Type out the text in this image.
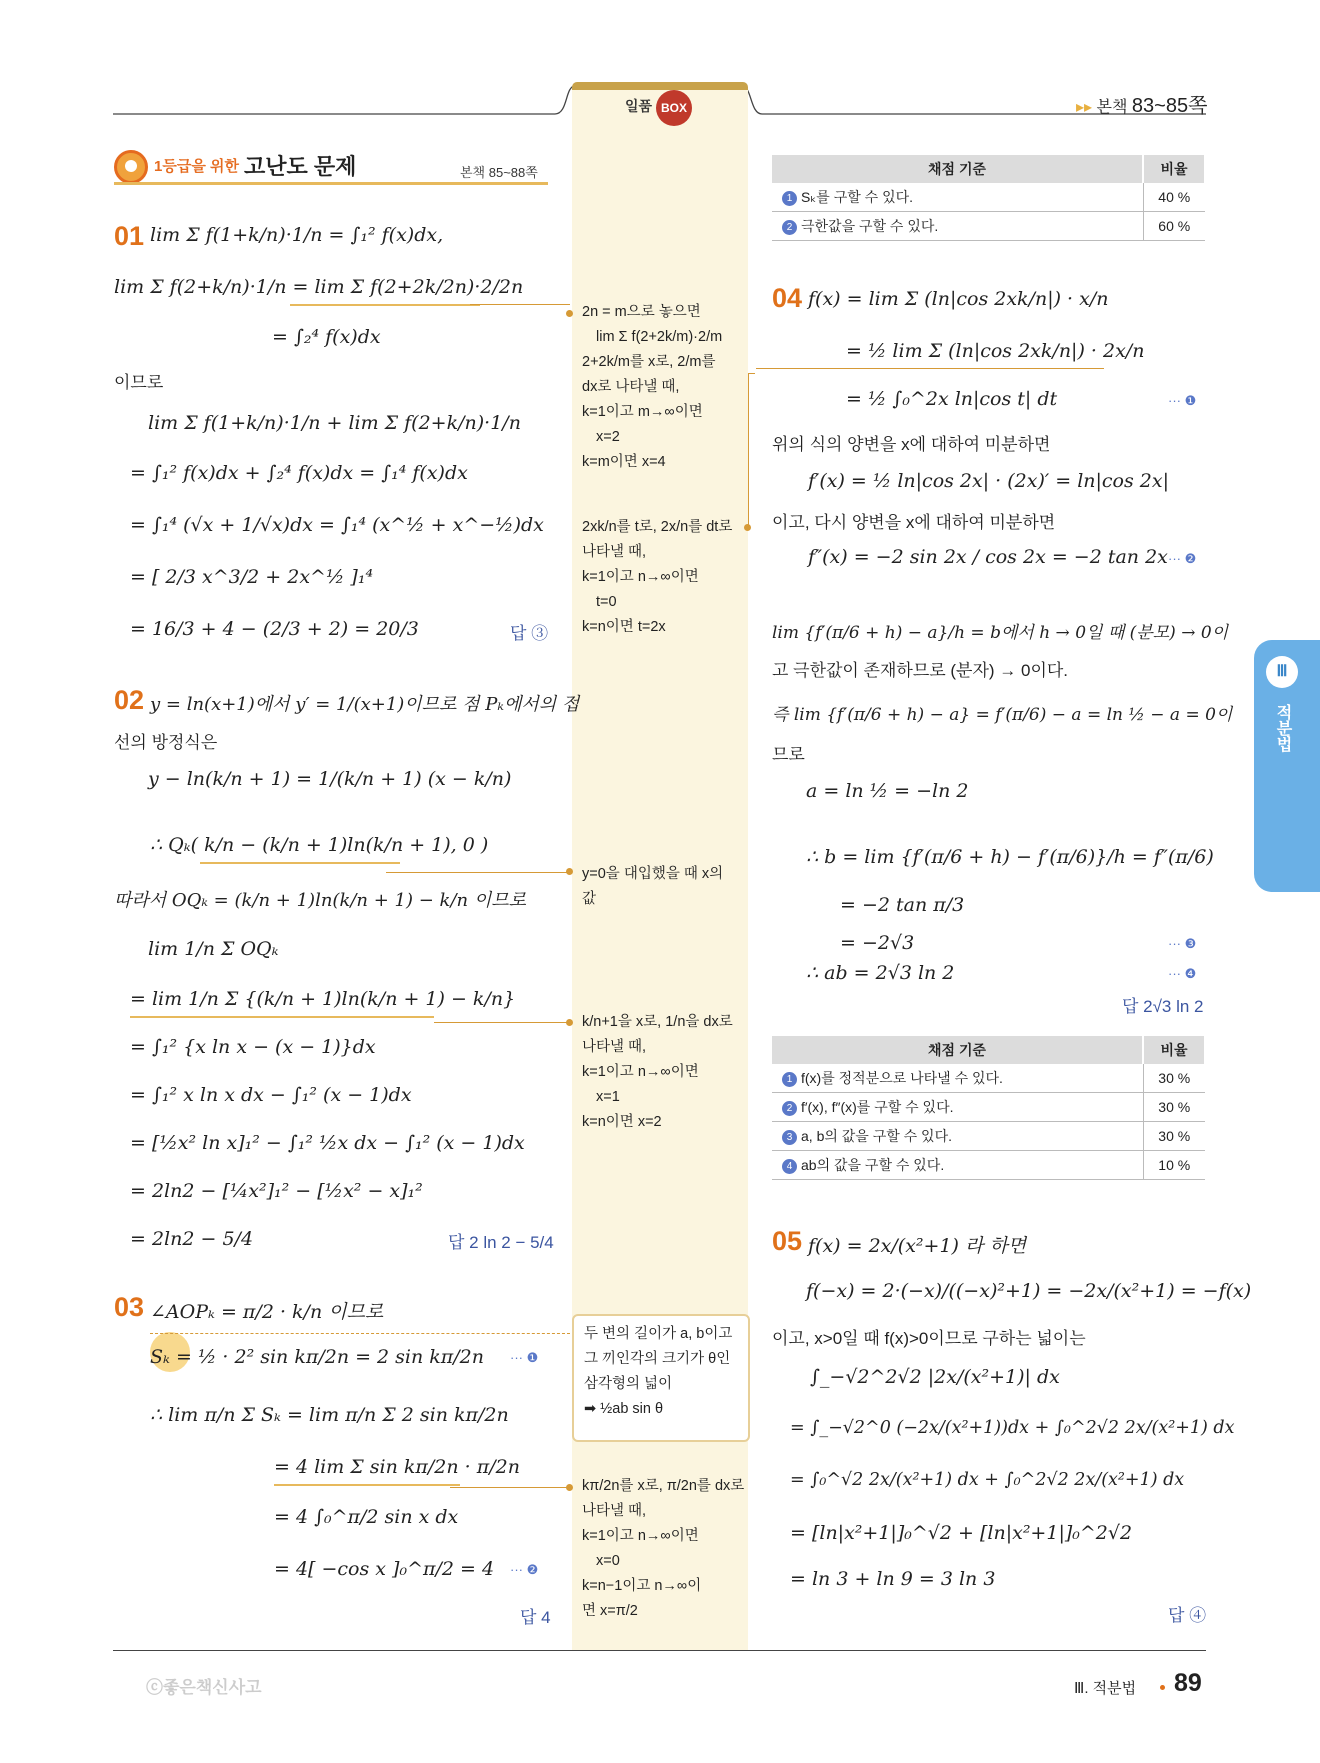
일품 BOX	▸▸ 본책 83~85쪽
1등급을 위한 고난도 문제	본책 85~88쪽
01 lim Σ f(1+k/n)·1/n = ∫₁² f(x)dx,
lim Σ f(2+k/n)·1/n = lim Σ f(2+2k/2n)·2/2n
= ∫₂⁴ f(x)dx
이므로
lim Σ f(1+k/n)·1/n + lim Σ f(2+k/n)·1/n
= ∫₁² f(x)dx + ∫₂⁴ f(x)dx = ∫₁⁴ f(x)dx
= ∫₁⁴ (√x + 1/√x)dx = ∫₁⁴ (x^½ + x^−½)dx
= [ 2/3 x^3/2 + 2x^½ ]₁⁴
= 16/3 + 4 − (2/3 + 2) = 20/3	답 ③
02 y = ln(x+1)에서 y′ = 1/(x+1)이므로 점 Pₖ에서의 접
선의 방정식은
y − ln(k/n + 1) = 1/(k/n + 1) (x − k/n)
∴ Qₖ( k/n − (k/n + 1)ln(k/n + 1), 0 )
따라서 OQₖ = (k/n + 1)ln(k/n + 1) − k/n 이므로
lim 1/n Σ OQₖ
= lim 1/n Σ {(k/n + 1)ln(k/n + 1) − k/n}
= ∫₁² {x ln x − (x − 1)}dx
= ∫₁² x ln x dx − ∫₁² (x − 1)dx
= [½x² ln x]₁² − ∫₁² ½x dx − ∫₁² (x − 1)dx
= 2ln2 − [¼x²]₁² − [½x² − x]₁²
= 2ln2 − 5/4	답 2 ln 2 − 5/4
03 ∠AOPₖ = π/2 · k/n 이므로
Sₖ = ½ · 2² sin kπ/2n = 2 sin kπ/2n ··· ❶
∴ lim π/n Σ Sₖ = lim π/n Σ 2 sin kπ/2n
= 4 lim Σ sin kπ/2n · π/2n
= 4 ∫₀^π/2 sin x dx
= 4[ −cos x ]₀^π/2 = 4 ··· ❷
답 4
2n = m으로 놓으면
lim Σ f(2+2k/m)·2/m
2+2k/m를 x로, 2/m를
dx로 나타낼 때,
k=1이고 m→∞이면
x=2
k=m이면 x=4
2xk/n를 t로, 2x/n를 dt로
나타낼 때,
k=1이고 n→∞이면
t=0
k=n이면 t=2x
y=0을 대입했을 때 x의
값
k/n+1을 x로, 1/n을 dx로
나타낼 때,
k=1이고 n→∞이면
x=1
k=n이면 x=2
두 변의 길이가 a, b이고
그 끼인각의 크기가 θ인
삼각형의 넓이
➡ ½ab sin θ
kπ/2n를 x로, π/2n를 dx로
나타낼 때,
k=1이고 n→∞이면
x=0
k=n−1이고 n→∞이
면 x=π/2
채점 기준	비율
1 Sₖ를 구할 수 있다.	40 %
2 극한값을 구할 수 있다.	60 %
04 f(x) = lim Σ (ln|cos 2xk/n|) · x/n
= ½ lim Σ (ln|cos 2xk/n|) · 2x/n
= ½ ∫₀^2x ln|cos t| dt	··· ❶
위의 식의 양변을 x에 대하여 미분하면
f′(x) = ½ ln|cos 2x| · (2x)′ = ln|cos 2x|
이고, 다시 양변을 x에 대하여 미분하면
f″(x) = −2 sin 2x / cos 2x = −2 tan 2x ··· ❷
lim {f′(π/6 + h) − a}/h = b에서 h → 0일 때 (분모) → 0이
고 극한값이 존재하므로 (분자) → 0이다.
즉 lim {f′(π/6 + h) − a} = f′(π/6) − a = ln ½ − a = 0이
므로
a = ln ½ = −ln 2
∴ b = lim {f′(π/6 + h) − f′(π/6)}/h = f″(π/6)
= −2 tan π/3
= −2√3	··· ❸
∴ ab = 2√3 ln 2	··· ❹
답 2√3 ln 2
채점 기준	비율
1 f(x)를 정적분으로 나타낼 수 있다.	30 %
2 f′(x), f″(x)를 구할 수 있다.	30 %
3 a, b의 값을 구할 수 있다.	30 %
4 ab의 값을 구할 수 있다.	10 %
05 f(x) = 2x/(x²+1) 라 하면
f(−x) = 2·(−x)/((−x)²+1) = −2x/(x²+1) = −f(x)
이고, x>0일 때 f(x)>0이므로 구하는 넓이는
∫_−√2^2√2 |2x/(x²+1)| dx
= ∫_−√2^0 (−2x/(x²+1))dx + ∫₀^2√2 2x/(x²+1) dx
= ∫₀^√2 2x/(x²+1) dx + ∫₀^2√2 2x/(x²+1) dx
= [ln|x²+1|]₀^√2 + [ln|x²+1|]₀^2√2
= ln 3 + ln 9 = 3 ln 3
답 ④
Ⅲ
적분법
ⓒ좋은책신사고	Ⅲ. 적분법 89
